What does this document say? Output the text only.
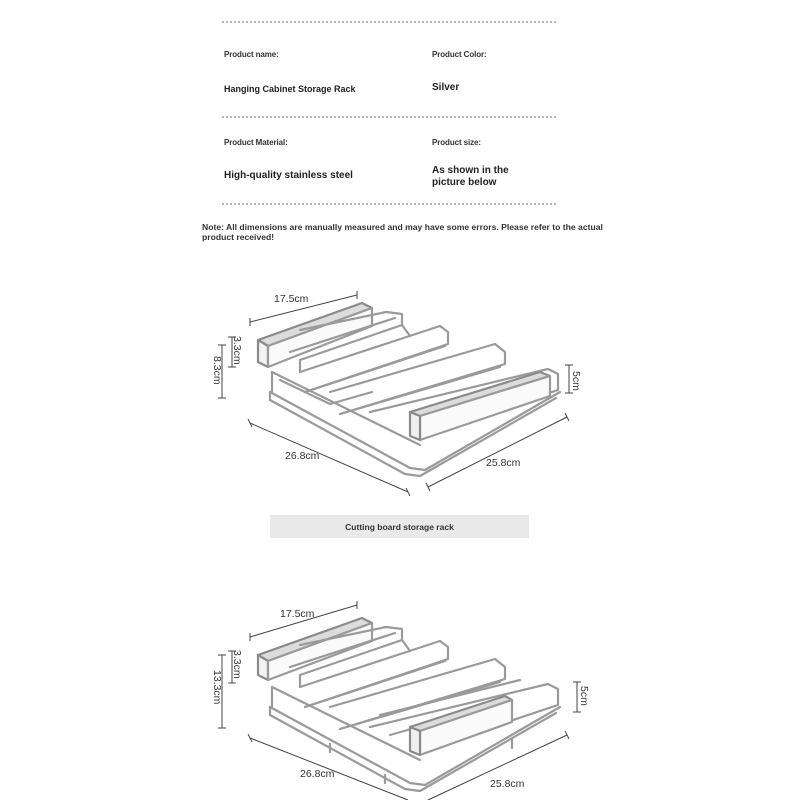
Product name:
Hanging Cabinet Storage Rack
Product Color:
Silver
Product Material:
High-quality stainless steel
Product size:
As shown in the
picture below
Note: All dimensions are manually measured and may have some errors. Please refer to the actual product received!
17.5cm
3.3cm
8.3cm	5cm
26.8cm
25.8cm
Cutting board storage rack
17.5cm
3.3cm
13.3cm	5cm
26.8cm
25.8cm
